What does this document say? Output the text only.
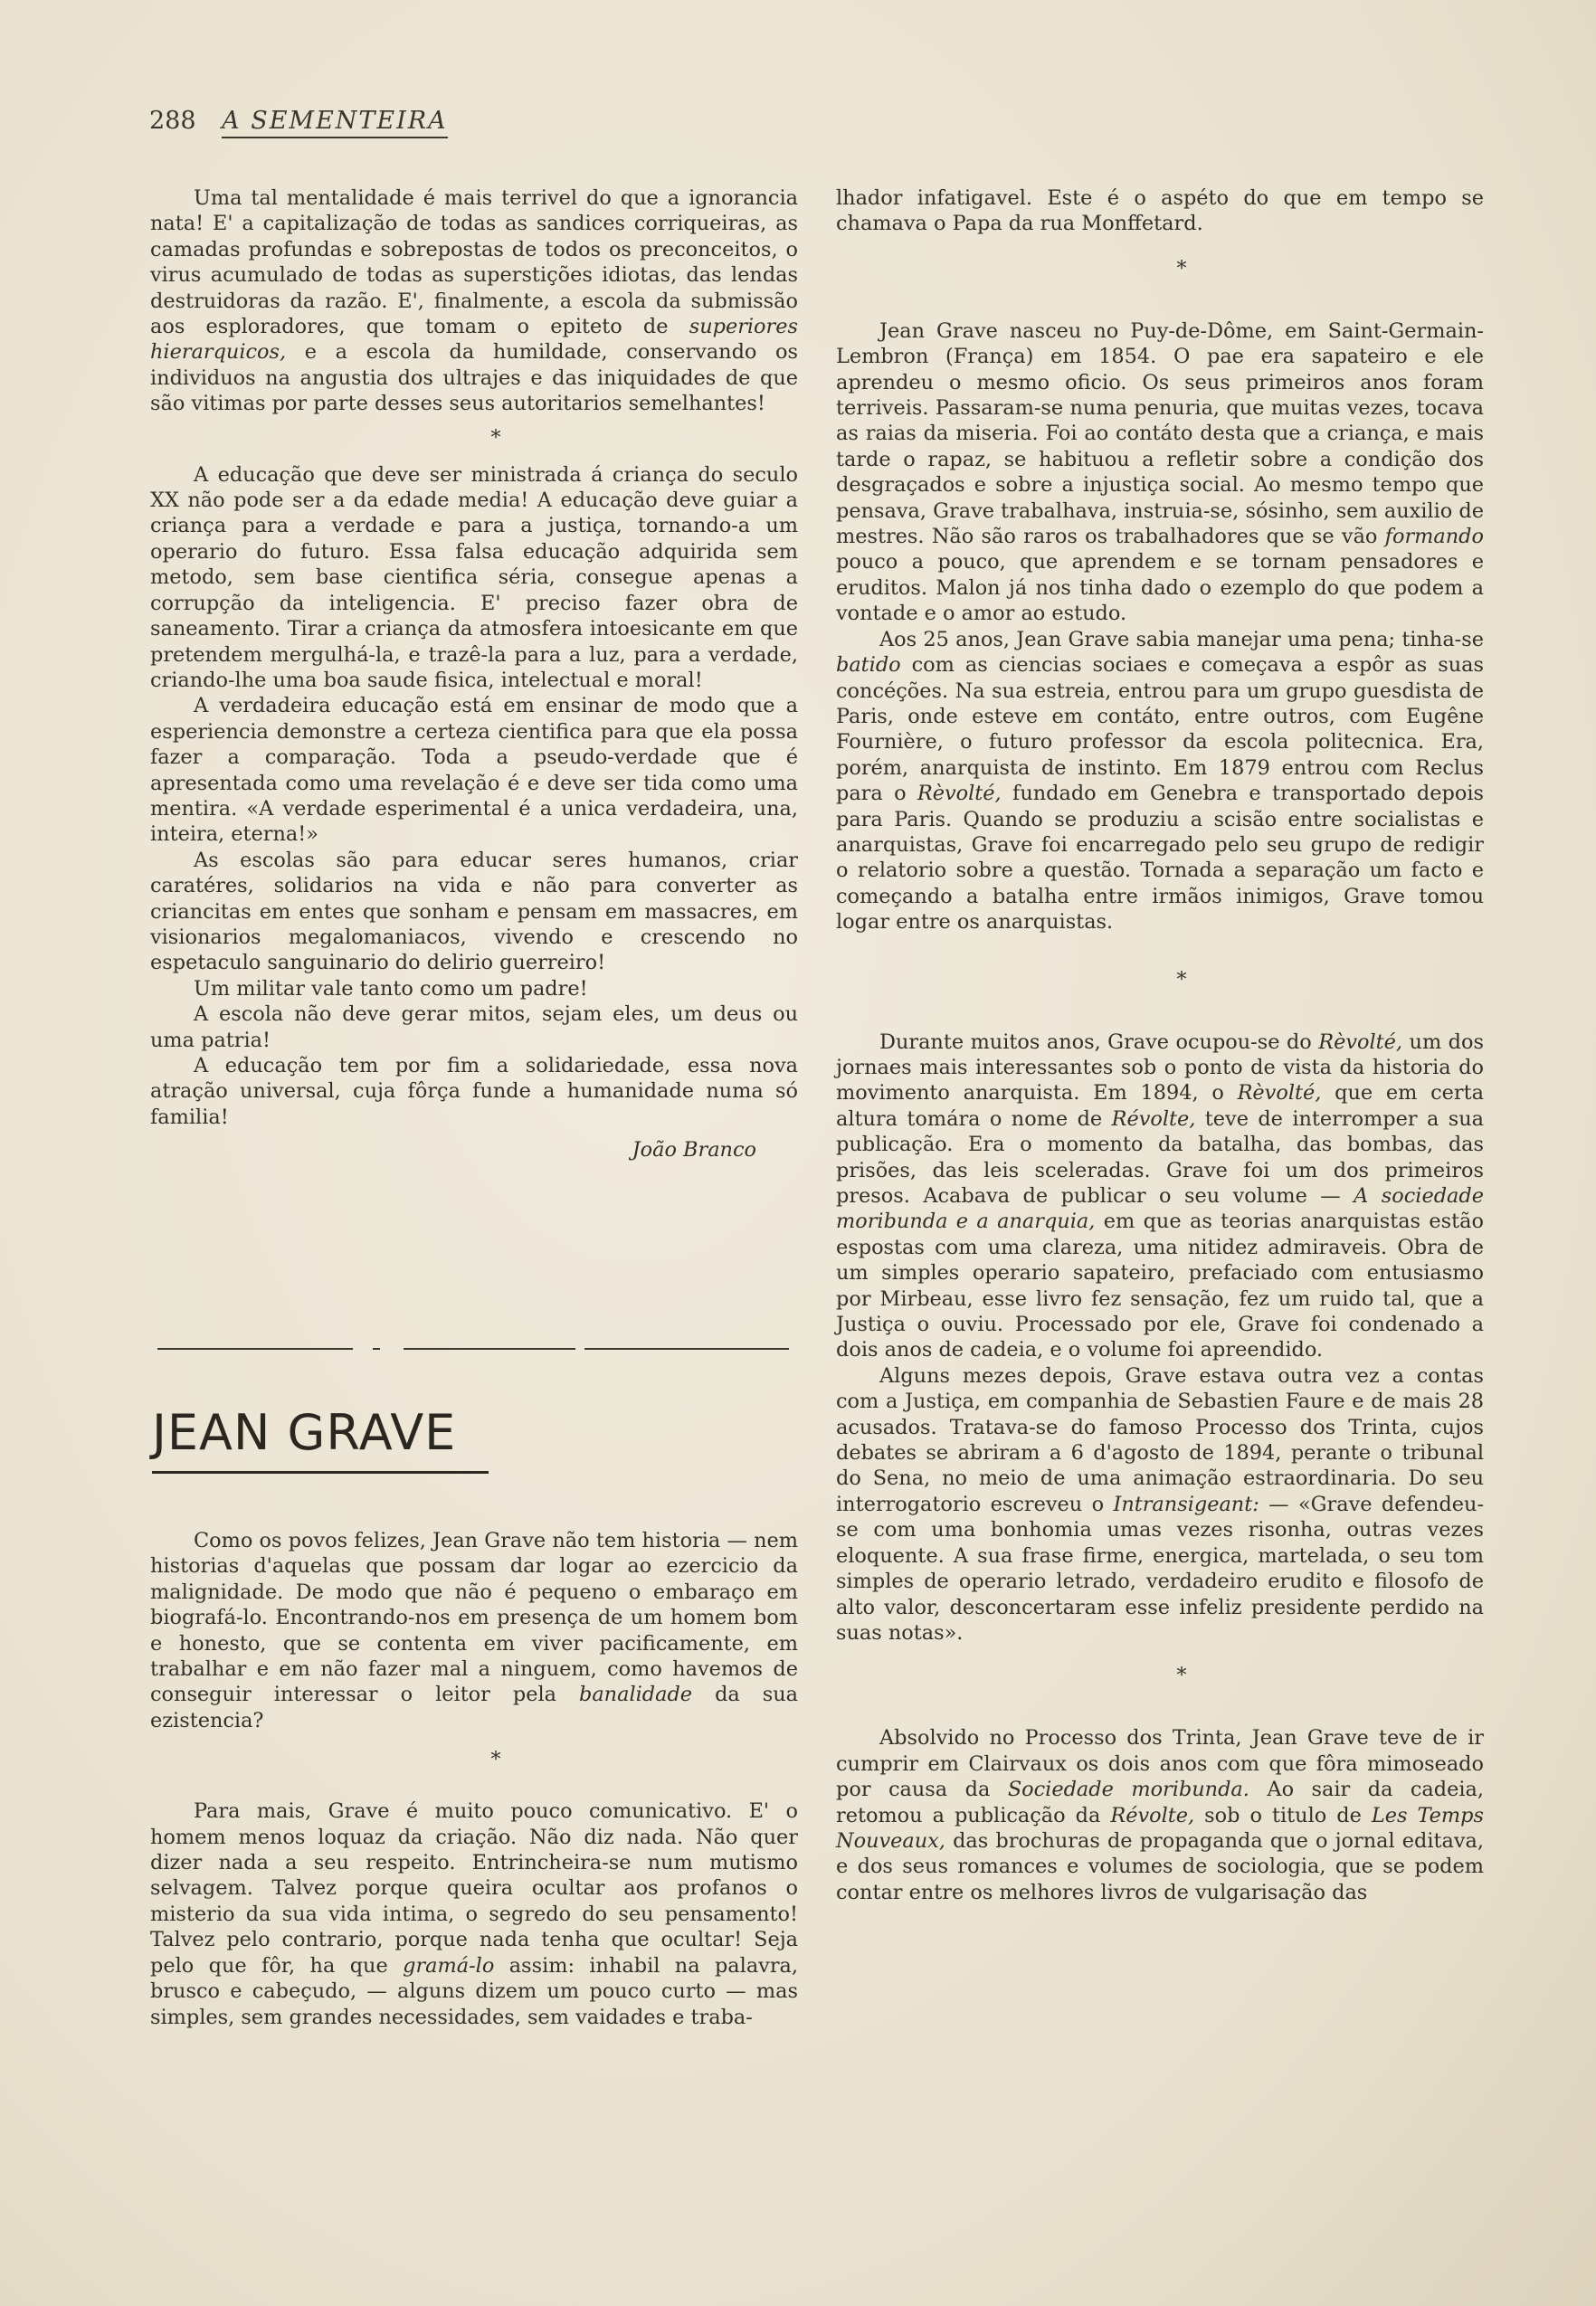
288 A SEMENTEIRA

Uma tal mentalidade é mais terrivel do que a ignorancia nata! E' a capitalização de todas as sandices corriqueiras, as camadas profundas e sobrepostas de todos os preconceitos, o virus acumulado de todas as superstições idiotas, das lendas destruidoras da razão. E', finalmente, a escola da submissão aos esploradores, que tomam o epiteto de superiores hierarquicos, e a escola da humildade, conservando os individuos na angustia dos ultrajes e das iniquidades de que são vitimas por parte desses seus autoritarios semelhantes!

*

A educação que deve ser ministrada á criança do seculo XX não pode ser a da edade media! A educação deve guiar a criança para a verdade e para a justiça, tornando-a um operario do futuro. Essa falsa educação adquirida sem metodo, sem base cientifica séria, consegue apenas a corrupção da inteligencia. E' preciso fazer obra de saneamento. Tirar a criança da atmosfera intoesicante em que pretendem mergulhá-la, e trazê-la para a luz, para a verdade, criando-lhe uma boa saude fisica, intelectual e moral!

A verdadeira educação está em ensinar de modo que a esperiencia demonstre a certeza cientifica para que ela possa fazer a comparação. Toda a pseudo-verdade que é apresentada como uma revelação é e deve ser tida como uma mentira. «A verdade esperimental é a unica verdadeira, una, inteira, eterna!»

As escolas são para educar seres humanos, criar caratéres, solidarios na vida e não para converter as criancitas em entes que sonham e pensam em massacres, em visionarios megalomaniacos, vivendo e crescendo no espetaculo sanguinario do delirio guerreiro!

Um militar vale tanto como um padre!

A escola não deve gerar mitos, sejam eles, um deus ou uma patria!

A educação tem por fim a solidariedade, essa nova atração universal, cuja fôrça funde a humanidade numa só familia!

João Branco

JEAN GRAVE

Como os povos felizes, Jean Grave não tem historia — nem historias d'aquelas que possam dar logar ao ezercicio da malignidade. De modo que não é pequeno o embaraço em biografá-lo. Encontrando-nos em presença de um homem bom e honesto, que se contenta em viver pacificamente, em trabalhar e em não fazer mal a ninguem, como havemos de conseguir interessar o leitor pela banalidade da sua ezistencia?

*

Para mais, Grave é muito pouco comunicativo. E' o homem menos loquaz da criação. Não diz nada. Não quer dizer nada a seu respeito. Entrincheira-se num mutismo selvagem. Talvez porque queira ocultar aos profanos o misterio da sua vida intima, o segredo do seu pensamento! Talvez pelo contrario, porque nada tenha que ocultar! Seja pelo que fôr, ha que gramá-lo assim: inhabil na palavra, brusco e cabeçudo, — alguns dizem um pouco curto — mas simples, sem grandes necessidades, sem vaidades e traba-

lhador infatigavel. Este é o aspéto do que em tempo se chamava o Papa da rua Monffetard.

*

Jean Grave nasceu no Puy-de-Dôme, em Saint-Germain-Lembron (França) em 1854. O pae era sapateiro e ele aprendeu o mesmo oficio. Os seus primeiros anos foram terriveis. Passaram-se numa penuria, que muitas vezes, tocava as raias da miseria. Foi ao contáto desta que a criança, e mais tarde o rapaz, se habituou a refletir sobre a condição dos desgraçados e sobre a injustiça social. Ao mesmo tempo que pensava, Grave trabalhava, instruia-se, sósinho, sem auxilio de mestres. Não são raros os trabalhadores que se vão formando pouco a pouco, que aprendem e se tornam pensadores e eruditos. Malon já nos tinha dado o ezemplo do que podem a vontade e o amor ao estudo.

Aos 25 anos, Jean Grave sabia manejar uma pena; tinha-se batido com as ciencias sociaes e começava a espôr as suas concéções. Na sua estreia, entrou para um grupo guesdista de Paris, onde esteve em contáto, entre outros, com Eugêne Fournière, o futuro professor da escola politecnica. Era, porém, anarquista de instinto. Em 1879 entrou com Reclus para o Rèvolté, fundado em Genebra e transportado depois para Paris. Quando se produziu a scisão entre socialistas e anarquistas, Grave foi encarregado pelo seu grupo de redigir o relatorio sobre a questão. Tornada a separação um facto e começando a batalha entre irmãos inimigos, Grave tomou logar entre os anarquistas.

*

Durante muitos anos, Grave ocupou-se do Rèvolté, um dos jornaes mais interessantes sob o ponto de vista da historia do movimento anarquista. Em 1894, o Rèvolté, que em certa altura tomára o nome de Révolte, teve de interromper a sua publicação. Era o momento da batalha, das bombas, das prisões, das leis sceleradas. Grave foi um dos primeiros presos. Acabava de publicar o seu volume — A sociedade moribunda e a anarquia, em que as teorias anarquistas estão espostas com uma clareza, uma nitidez admiraveis. Obra de um simples operario sapateiro, prefaciado com entusiasmo por Mirbeau, esse livro fez sensação, fez um ruido tal, que a Justiça o ouviu. Processado por ele, Grave foi condenado a dois anos de cadeia, e o volume foi apreendido.

Alguns mezes depois, Grave estava outra vez a contas com a Justiça, em companhia de Sebastien Faure e de mais 28 acusados. Tratava-se do famoso Processo dos Trinta, cujos debates se abriram a 6 d'agosto de 1894, perante o tribunal do Sena, no meio de uma animação estraordinaria. Do seu interrogatorio escreveu o Intransigeant: — «Grave defendeu-se com uma bonhomia umas vezes risonha, outras vezes eloquente. A sua frase firme, energica, martelada, o seu tom simples de operario letrado, verdadeiro erudito e filosofo de alto valor, desconcertaram esse infeliz presidente perdido na suas notas».

*

Absolvido no Processo dos Trinta, Jean Grave teve de ir cumprir em Clairvaux os dois anos com que fôra mimoseado por causa da Sociedade moribunda. Ao sair da cadeia, retomou a publicação da Révolte, sob o titulo de Les Temps Nouveaux, das brochuras de propaganda que o jornal editava, e dos seus romances e volumes de sociologia, que se podem contar entre os melhores livros de vulgarisação das
